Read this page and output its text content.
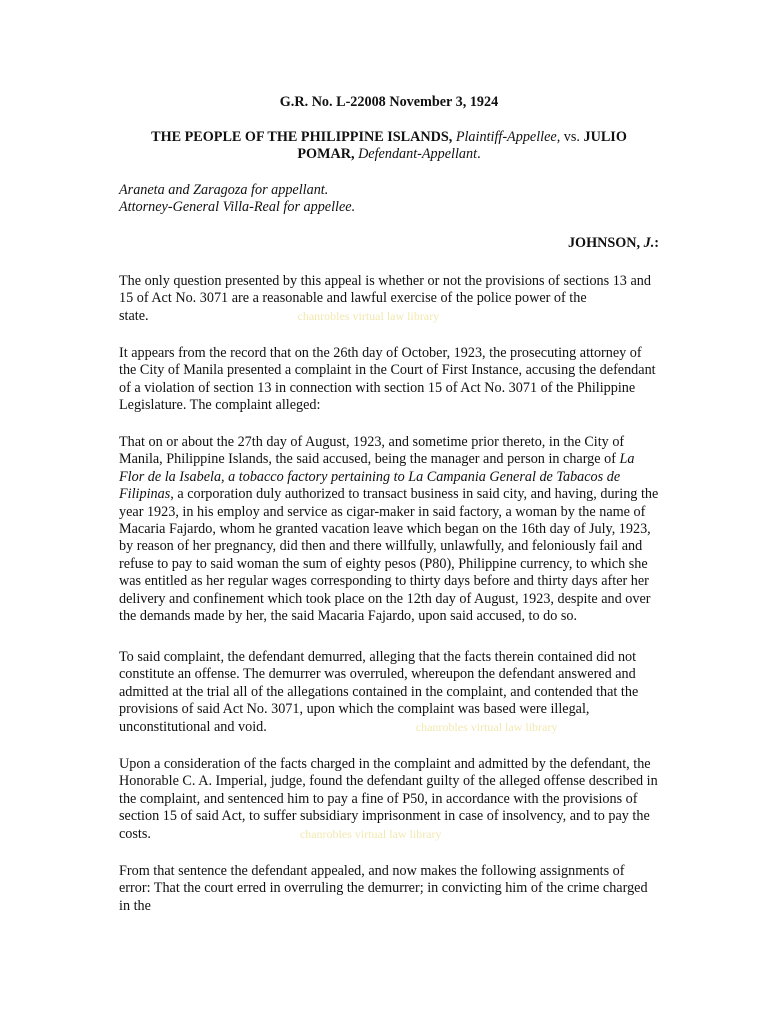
G.R. No. L-22008 November 3, 1924

THE PEOPLE OF THE PHILIPPINE ISLANDS, Plaintiff-Appellee, vs. JULIO
POMAR, Defendant-Appellant.

Araneta and Zaragoza for appellant.
Attorney-General Villa-Real for appellee.

JOHNSON, J.:

The only question presented by this appeal is whether or not the provisions of sections 13 and 15 of Act No. 3071 are a reasonable and lawful exercise of the police power of the state.	chanrobles virtual law library

It appears from the record that on the 26th day of October, 1923, the prosecuting attorney of the City of Manila presented a complaint in the Court of First Instance, accusing the defendant of a violation of section 13 in connection with section 15 of Act No. 3071 of the Philippine Legislature. The complaint alleged:

That on or about the 27th day of August, 1923, and sometime prior thereto, in the City of Manila, Philippine Islands, the said accused, being the manager and person in charge of La Flor de la Isabela, a tobacco factory pertaining to La Campania General de Tabacos de Filipinas, a corporation duly authorized to transact business in said city, and having, during the year 1923, in his employ and service as cigar-maker in said factory, a woman by the name of Macaria Fajardo, whom he granted vacation leave which began on the 16th day of July, 1923, by reason of her pregnancy, did then and there willfully, unlawfully, and feloniously fail and refuse to pay to said woman the sum of eighty pesos (P80), Philippine currency, to which she was entitled as her regular wages corresponding to thirty days before and thirty days after her delivery and confinement which took place on the 12th day of August, 1923, despite and over the demands made by her, the said Macaria Fajardo, upon said accused, to do so.

To said complaint, the defendant demurred, alleging that the facts therein contained did not constitute an offense. The demurrer was overruled, whereupon the defendant answered and admitted at the trial all of the allegations contained in the complaint, and contended that the provisions of said Act No. 3071, upon which the complaint was based were illegal, unconstitutional and void.	chanrobles virtual law library

Upon a consideration of the facts charged in the complaint and admitted by the defendant, the Honorable C. A. Imperial, judge, found the defendant guilty of the alleged offense described in the complaint, and sentenced him to pay a fine of P50, in accordance with the provisions of section 15 of said Act, to suffer subsidiary imprisonment in case of insolvency, and to pay the costs.	chanrobles virtual law library

From that sentence the defendant appealed, and now makes the following assignments of error: That the court erred in overruling the demurrer; in convicting him of the crime charged in the
